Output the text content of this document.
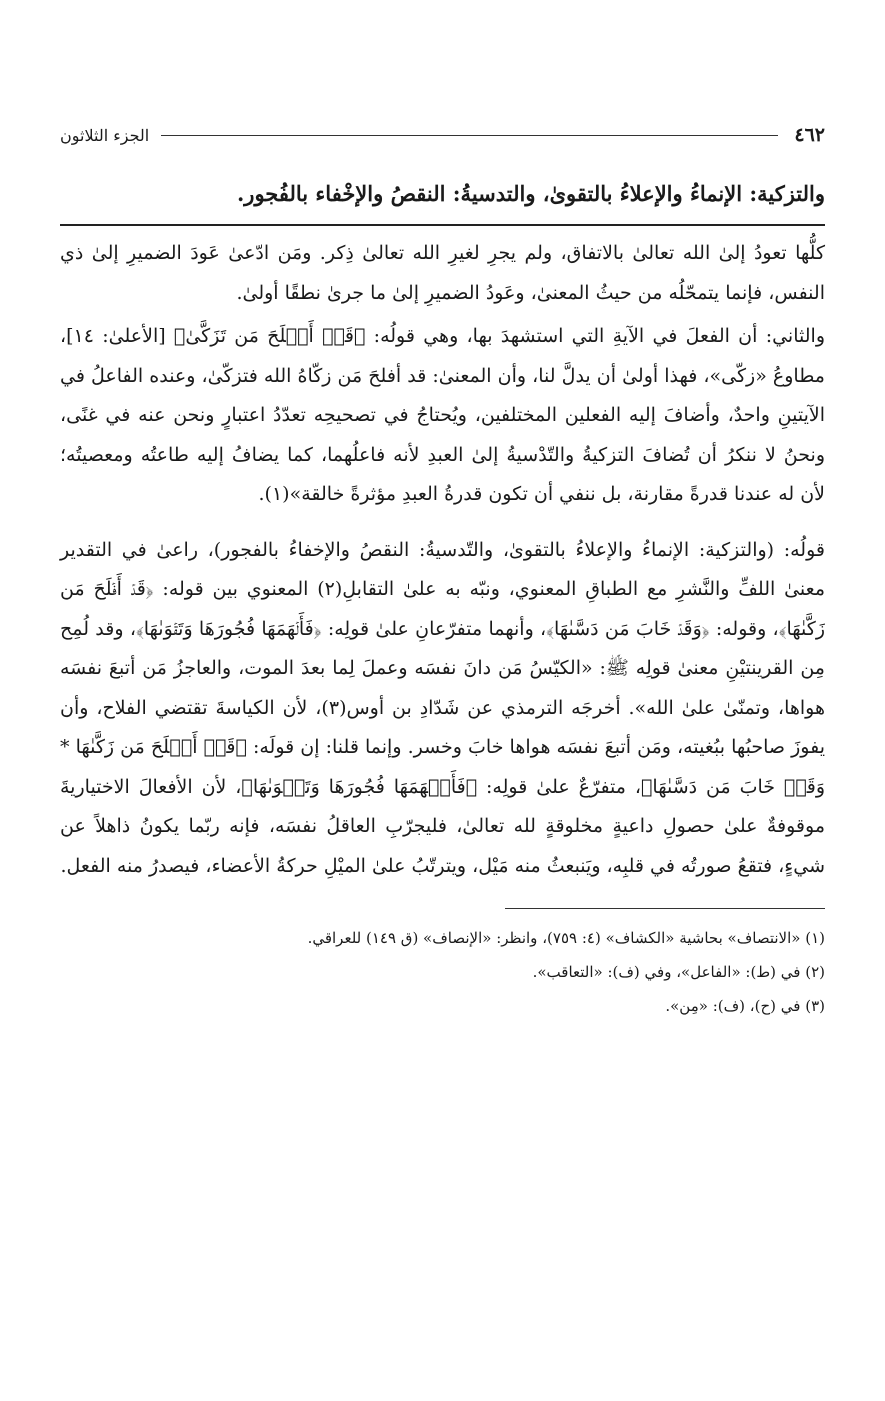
٤٦٢
الجزء الثلاثون
والتزكية: الإنماءُ والإعلاءُ بالتقوىٰ، والتدسيةُ: النقصُ والإخْفاء بالفُجور.

كلُّها تعودُ إلىٰ الله تعالىٰ بالاتفاق، ولم يجرِ لغيرِ الله تعالىٰ ذِكر. ومَن ادّعىٰ عَودَ الضميرِ إلىٰ ذي النفس، فإنما يتمحّلُه من حيثُ المعنىٰ، وعَودُ الضميرِ إلىٰ ما جرىٰ نطقًا أولىٰ.

والثاني: أن الفعلَ في الآيةِ التي استشهدَ بها، وهي قولُه: ﴿قَدۡ أَفۡلَحَ مَن تَزَكَّىٰ﴾ [الأعلىٰ: ١٤]، مطاوعُ «زكّى»، فهذا أولىٰ أن يدلَّ لنا، وأن المعنىٰ: قد أفلحَ مَن زكّاهُ الله فتزكّىٰ، وعنده الفاعلُ في الآيتينِ واحدٌ، وأضافَ إليه الفعلين المختلفين، ويُحتاجُ في تصحيحِه تعدّدُ اعتبارٍ ونحن عنه في غنًى، ونحنُ لا ننكرُ أن تُضافَ التزكيةُ والتّدْسيةُ إلىٰ العبدِ لأنه فاعلُهما، كما يضافُ إليه طاعتُه ومعصيتُه؛ لأن له عندنا قدرةً مقارنة، بل ننفي أن تكون قدرةُ العبدِ مؤثرةً خالقة»(١).

قولُه: (والتزكية: الإنماءُ والإعلاءُ بالتقوىٰ، والتّدسيةُ: النقصُ والإخفاءُ بالفجور)، راعىٰ في التقدير معنىٰ اللفِّ والنَّشرِ مع الطباقِ المعنوي، ونبّه به علىٰ التقابلِ(٢) المعنوي بين قوله: ﴿قَدۡ أَفۡلَحَ مَن زَكَّىٰهَا﴾، وقوله: ﴿وَقَدۡ خَابَ مَن دَسَّىٰهَا﴾، وأنهما متفرّعانِ علىٰ قولِه: ﴿فَأَلۡهَمَهَا فُجُورَهَا وَتَقۡوَىٰهَا﴾، وقد لُمِح مِن القرينتيْنِ معنىٰ قولِه ﷺ: «الكيّسُ مَن دانَ نفسَه وعملَ لِما بعدَ الموت، والعاجزُ مَن أتبعَ نفسَه هواها، وتمنّىٰ علىٰ الله». أخرجَه الترمذي عن شَدّادِ بن أوس(٣)، لأن الكياسةَ تقتضي الفلاح، وأن يفوزَ صاحبُها ببُغيته، ومَن أتبعَ نفسَه هواها خابَ وخسر. وإنما قلنا: إن قولَه: ﴿قَدۡ أَفۡلَحَ مَن زَكَّىٰهَا * وَقَدۡ خَابَ مَن دَسَّىٰهَا﴾، متفرّعٌ علىٰ قولِه: ﴿فَأَلۡهَمَهَا فُجُورَهَا وَتَقۡوَىٰهَا﴾، لأن الأفعالَ الاختياريةَ موقوفةٌ علىٰ حصولِ داعيةٍ مخلوقةٍ لله تعالىٰ، فليجرّبِ العاقلُ نفسَه، فإنه ربّما يكونُ ذاهلاً عن شيءٍ، فتقعُ صورتُه في قلبِه، ويَنبعثُ منه مَيْل، ويترتّبُ علىٰ الميْلِ حركةُ الأعضاء، فيصدرُ منه الفعل.

(١) «الانتصاف» بحاشية «الكشاف» (٤: ٧٥٩)، وانظر: «الإنصاف» (ق ١٤٩) للعراقي.

(٢) في (ط): «الفاعل»، وفي (ف): «التعاقب».

(٣) في (ح)، (ف): «مِن».
